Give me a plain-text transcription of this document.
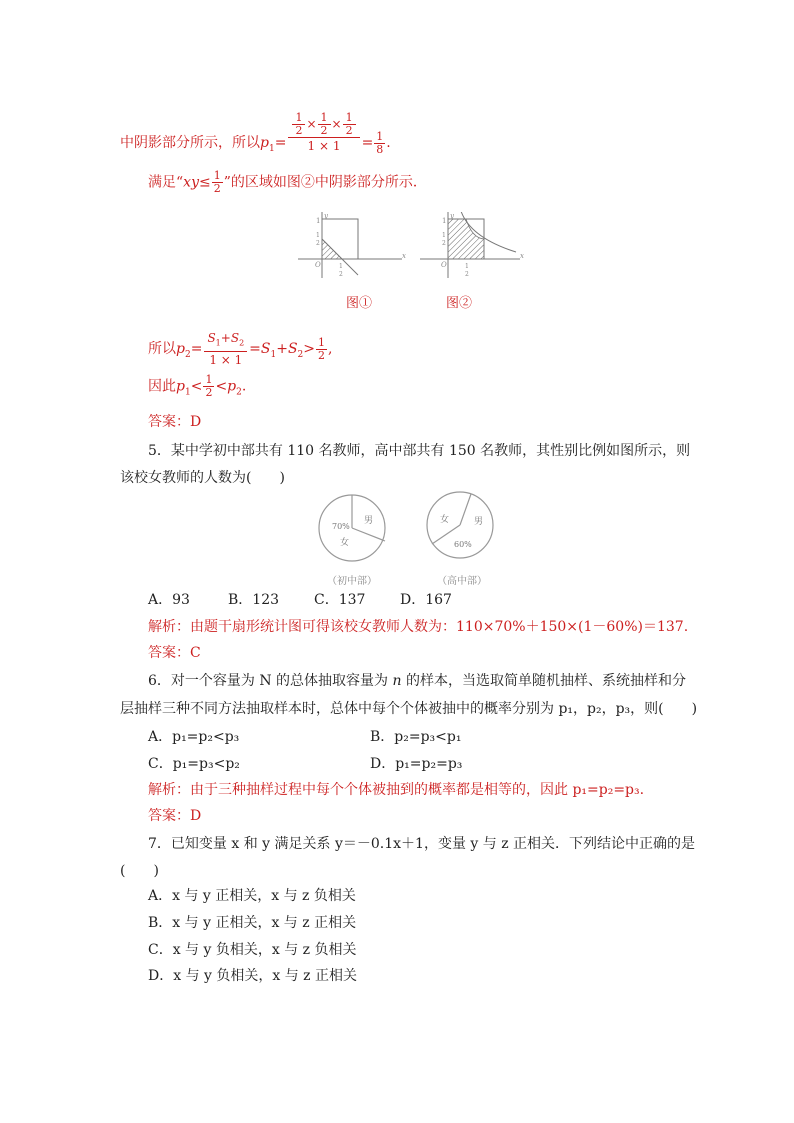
中阴影部分所示，所以$p_1= \frac{\frac{1}{2} \times \frac{1}{2} \times \frac{1}{2}}{1 \times 1} = \frac{1}{8}$ .
满足“$xy\le \frac{1}{2}$ ”的区域如图②中阴影部分所示．
x
y
O
1
1
2
1
2
x
y
O
1
1
2
1
2
图①	图②
所以$p_2= \frac{S_1+S_2}{1 \times 1} =S_1+S_2> \frac{1}{2}$ ,
因此$p_1< \frac{1}{2} <p_2$.
答案：D
5．某中学初中部共有 110 名教师，高中部共有 150 名教师，其性别比例如图所示，则
该校女教师的人数为(　　)
70%
女
男
（初中部）
女	男
60%
（高中部）
A．93	B．123 C．137 D．167
解析：由题干扇形统计图可得该校女教师人数为：110×70%＋150×(1－60%)＝137.
答案：C
6．对一个容量为 N 的总体抽取容量为 n 的样本，当选取简单随机抽样、系统抽样和分
层抽样三种不同方法抽取样本时，总体中每个个体被抽中的概率分别为 p₁，p₂，p₃，则(　　)
A．p₁=p₂<p₃	B．p₂=p₃<p₁
C．p₁=p₃<p₂	D．p₁=p₂=p₃
解析：由于三种抽样过程中每个个体被抽到的概率都是相等的，因此 p₁=p₂=p₃.
答案：D
7．已知变量 x 和 y 满足关系 y＝－0.1x＋1，变量 y 与 z 正相关．下列结论中正确的是
(　　)
A．x 与 y 正相关，x 与 z 负相关
B．x 与 y 正相关，x 与 z 正相关
C．x 与 y 负相关，x 与 z 负相关
D．x 与 y 负相关，x 与 z 正相关
